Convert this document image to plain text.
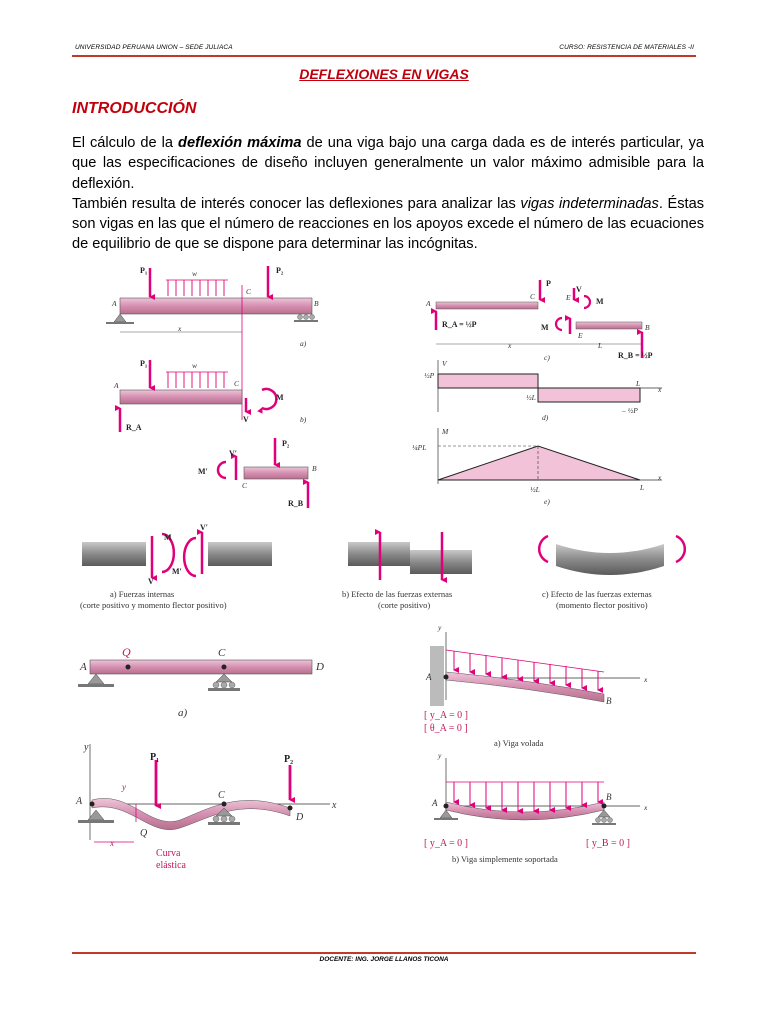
UNIVERSIDAD PERUANA UNION – SEDE JULIACA	CURSO: RESISTENCIA DE MATERIALES -II
DEFLEXIONES EN VIGAS
INTRODUCCIÓN

El cálculo de la deflexión máxima de una viga bajo una carga dada es de interés particular, ya que las especificaciones de diseño incluyen generalmente un valor máximo admisible para la deflexión.

También resulta de interés conocer las deflexiones para analizar las vigas indeterminadas. Éstas son vigas en las que el número de reacciones en los apoyos excede el número de las ecuaciones de equilibrio de que se dispone para determinar las incógnitas.

P₁	w	P₂
A
C
B
x
a)
P₁	w
A	C
M
V
R_A
b)
P₂
V′
M′
C
B
R_B
P
A
C	E
V
M
M
E
B
R_A = ½P
R_B = ½P
x	L
c)
V
½P
½L
L
x
– ½P
d)
M
¼PL
½L	L
x
e)
M
V
V′
M′
a) Fuerzas internas
(corte positivo y momento flector positivo)
b) Efecto de las fuerzas externas
(corte positivo)
c) Efecto de las fuerzas externas
(momento flector positivo)
A
Q	C
D
a)
y
A
B
x
[ y_A = 0 ]
[ θ_A = 0 ]
a) Viga volada
y
P₁	P₂
A
C
D
Q
x
y
x
Curva
elástica
y
A
B
x
[ y_A = 0 ]	[ y_B = 0 ]
b) Viga simplemente soportada
DOCENTE: ING. JORGE LLANOS TICONA
